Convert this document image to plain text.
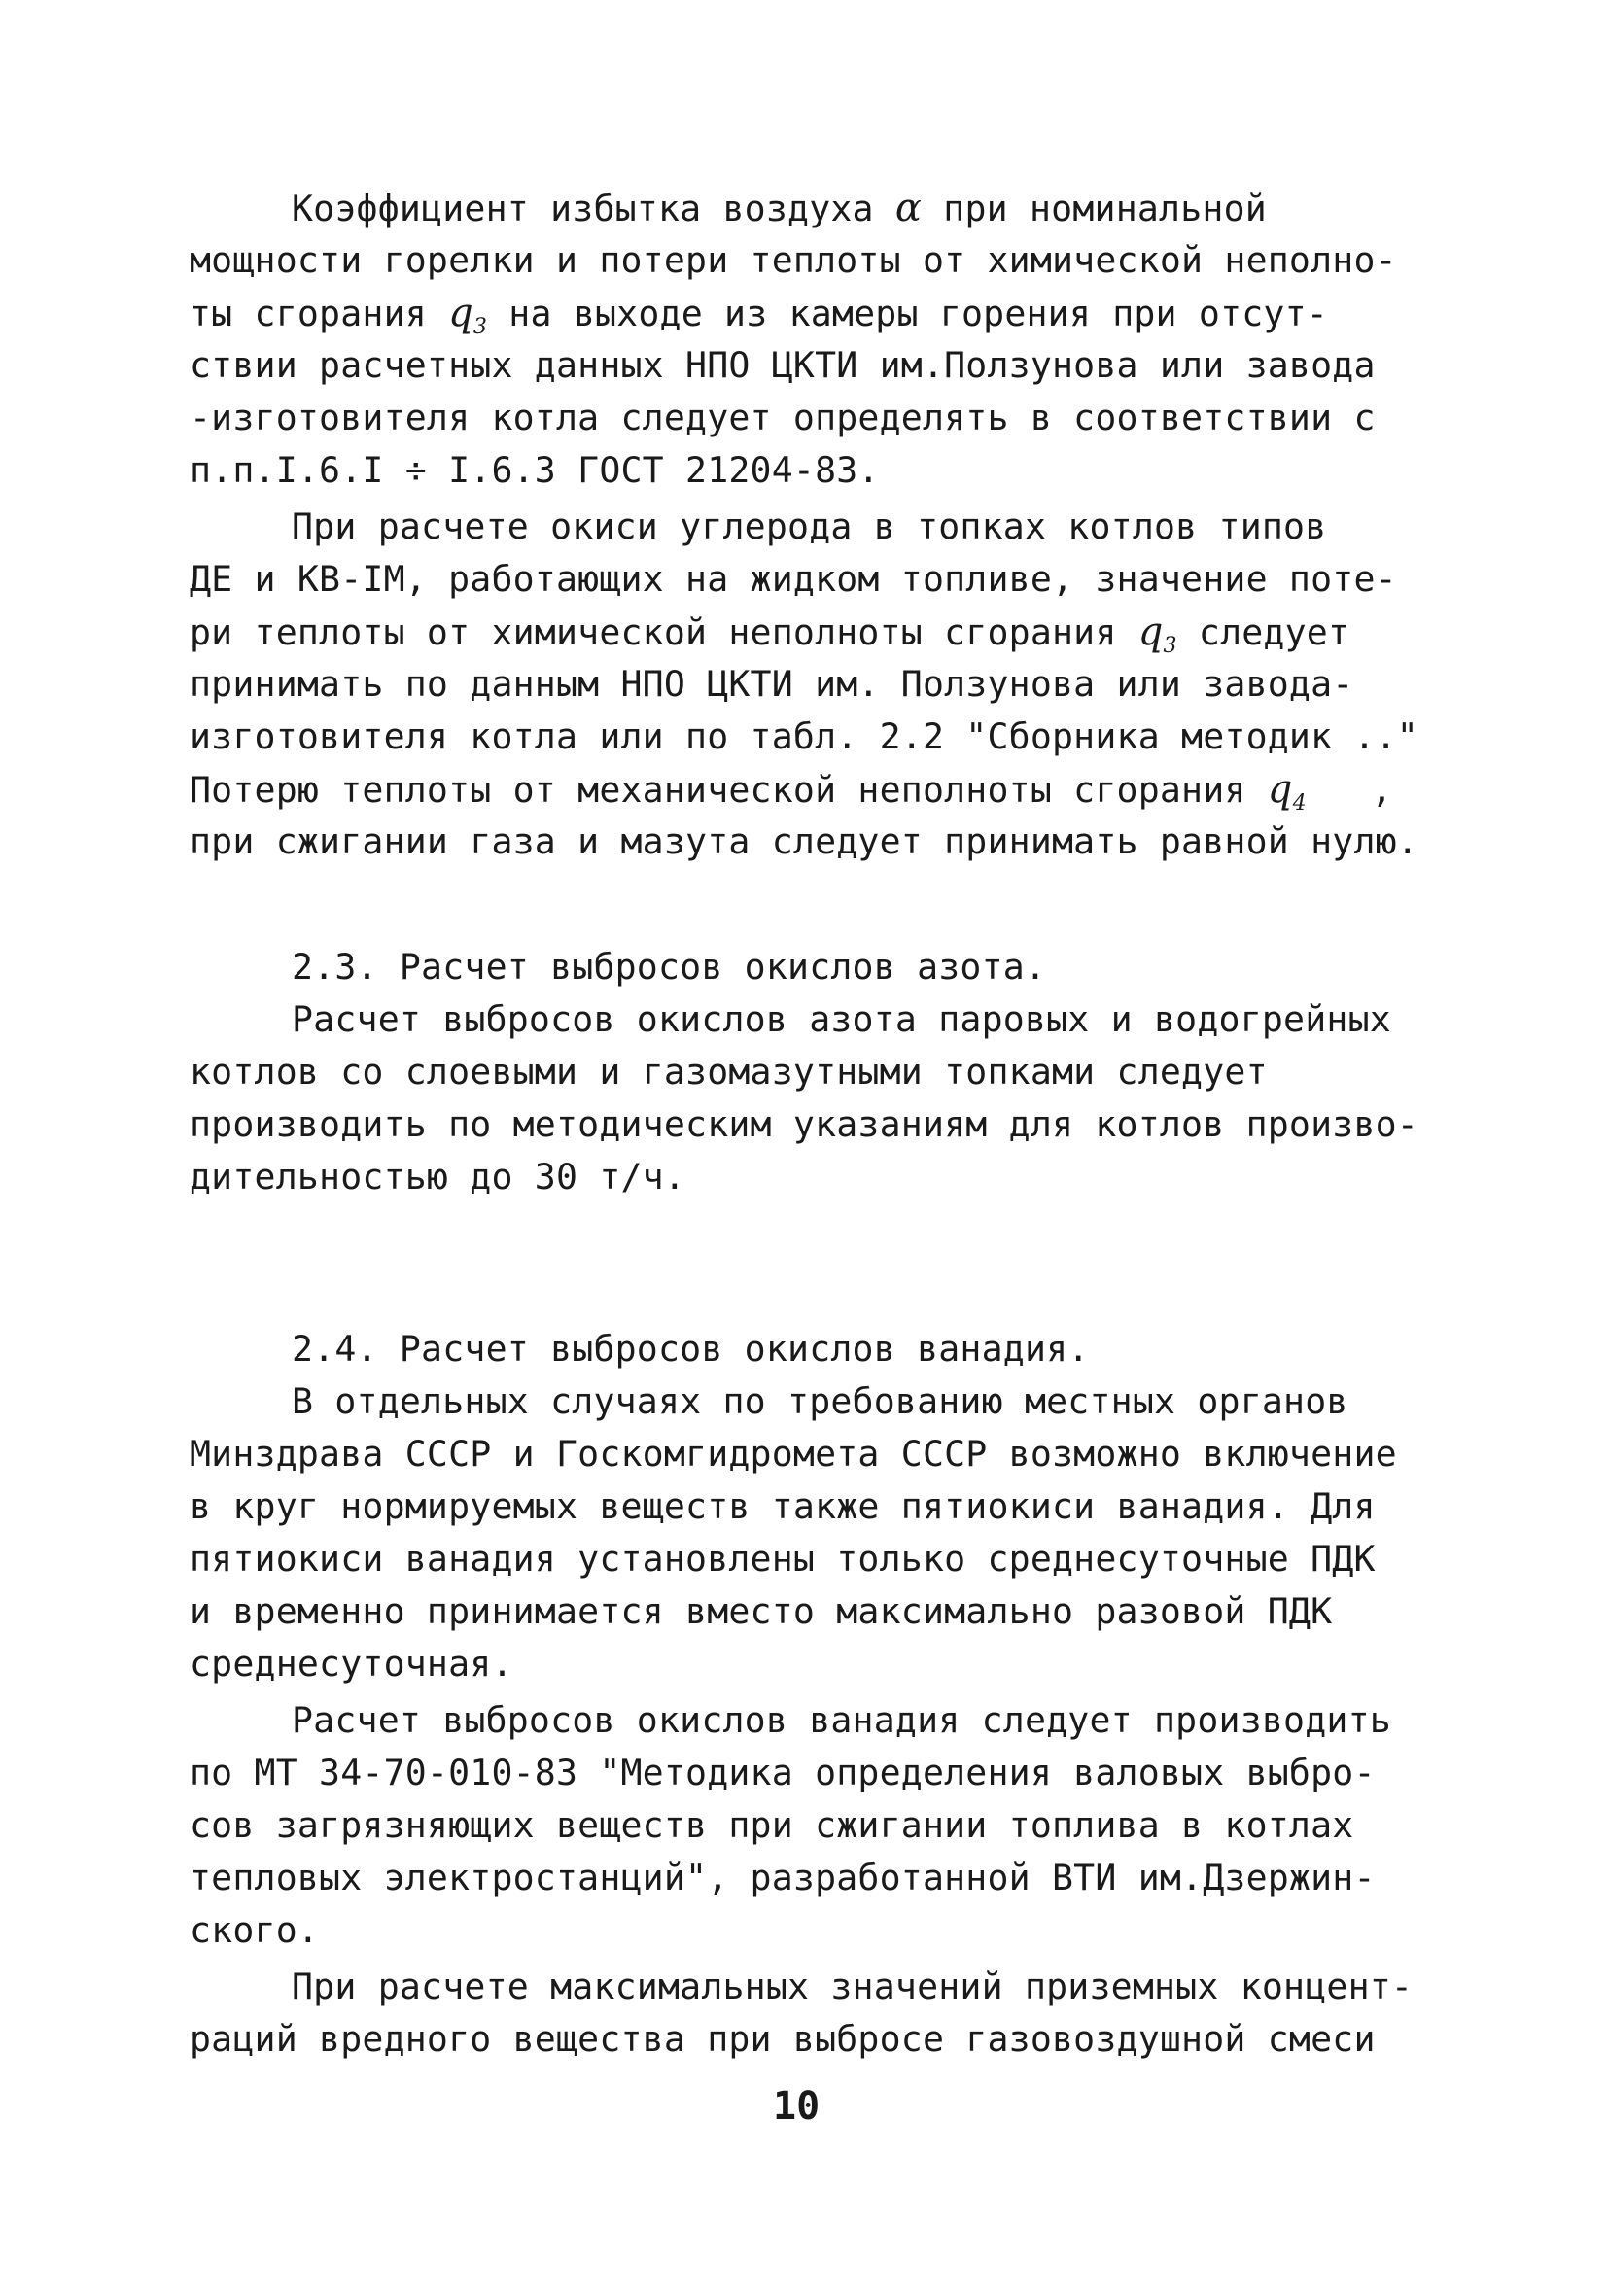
Коэффициент избытка воздуха α при номинальной
мощности горелки и потери теплоты от химической неполно-
ты сгорания $q_3$ на выходе из камеры горения при отсут-
ствии расчетных данных НПО ЦКТИ им.Ползунова или завода
-изготовителя котла следует определять в соответствии с
п.п.I.6.I ÷ I.6.3 ГОСТ 21204-83.
При расчете окиси углерода в топках котлов типов
ДЕ и КВ-IМ, работающих на жидком топливе, значение поте-
ри теплоты от химической неполноты сгорания $q_3$ следует
принимать по данным НПО ЦКТИ им. Ползунова или завода-
изготовителя котла или по табл. 2.2 "Сборника методик .."
Потерю теплоты от механической неполноты сгорания $q_4$   ,
при сжигании газа и мазута следует принимать равной нулю.
2.3. Расчет выбросов окислов азота.
Расчет выбросов окислов азота паровых и водогрейных
котлов со слоевыми и газомазутными топками следует
производить по методическим указаниям для котлов произво-
дительностью до 30 т/ч.
2.4. Расчет выбросов окислов ванадия.
В отдельных случаях по требованию местных органов
Минздрава СССР и Госкомгидромета СССР возможно включение
в круг нормируемых веществ также пятиокиси ванадия. Для
пятиокиси ванадия установлены только среднесуточные ПДК
и временно принимается вместо максимально разовой ПДК
среднесуточная.
Расчет выбросов окислов ванадия следует производить
по МТ 34-70-010-83 "Методика определения валовых выбро-
сов загрязняющих веществ при сжигании топлива в котлах
тепловых электростанций", разработанной ВТИ им.Дзержин-
ского.
При расчете максимальных значений приземных концент-
раций вредного вещества при выбросе газовоздушной смеси
10
